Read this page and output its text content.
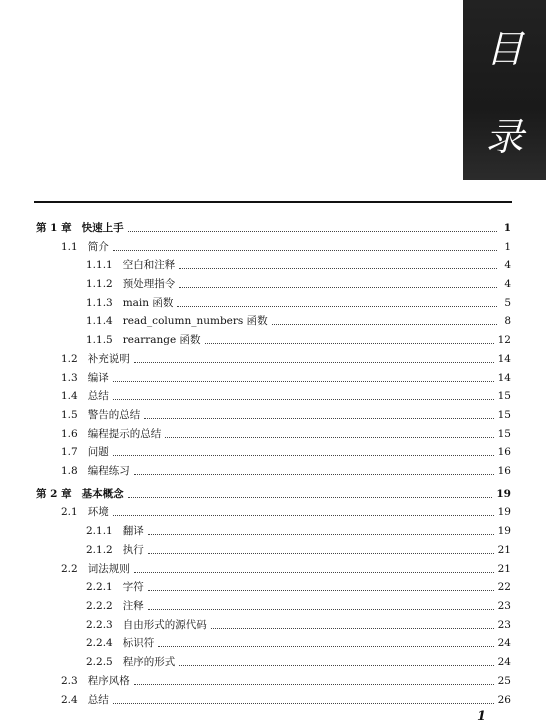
目
录
第 1 章 快速上手	1
1.1 简介	1
1.1.1 空白和注释	4
1.1.2 预处理指令	4
1.1.3 main 函数	5
1.1.4 read_column_numbers 函数	8
1.1.5 rearrange 函数	12
1.2 补充说明	14
1.3 编译	14
1.4 总结	15
1.5 警告的总结	15
1.6 编程提示的总结	15
1.7 问题	16
1.8 编程练习	16
第 2 章 基本概念	19
2.1 环境	19
2.1.1 翻译	19
2.1.2 执行	21
2.2 词法规则	21
2.2.1 字符	22
2.2.2 注释	23
2.2.3 自由形式的源代码	23
2.2.4 标识符	24
2.2.5 程序的形式	24
2.3 程序风格	25
2.4 总结	26
1
